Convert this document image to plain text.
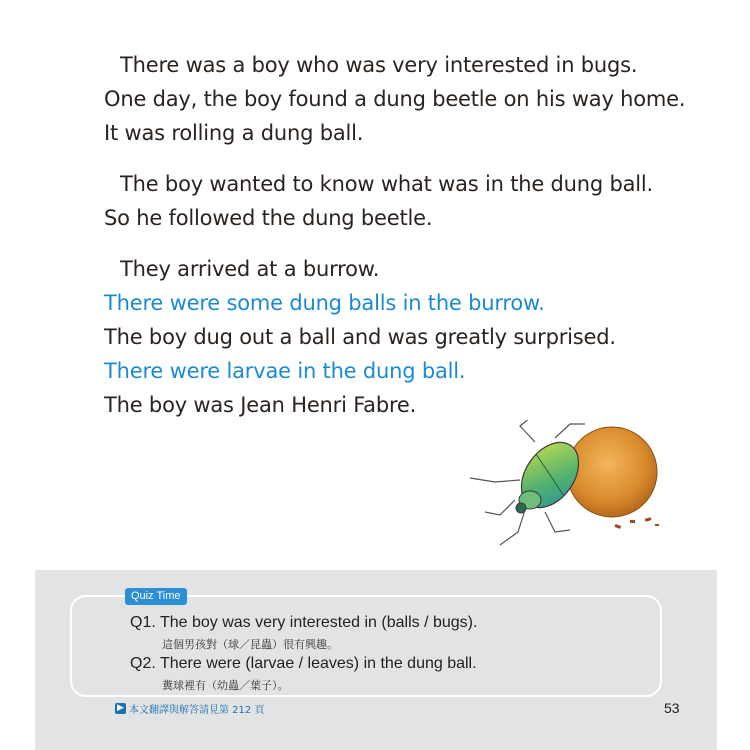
There was a boy who was very interested in bugs.
One day, the boy found a dung beetle on his way home.
It was rolling a dung ball.
The boy wanted to know what was in the dung ball.
So he followed the dung beetle.
They arrived at a burrow.
There were some dung balls in the burrow.
The boy dug out a ball and was greatly surprised.
There were larvae in the dung ball.
The boy was Jean Henri Fabre.
Quiz Time
Q1. The boy was very interested in (balls / bugs).
這個男孩對（球／昆蟲）很有興趣。
Q2. There were (larvae / leaves) in the dung ball.
糞球裡有（幼蟲／葉子）。
▶ 本文翻譯與解答請見第 212 頁	53
